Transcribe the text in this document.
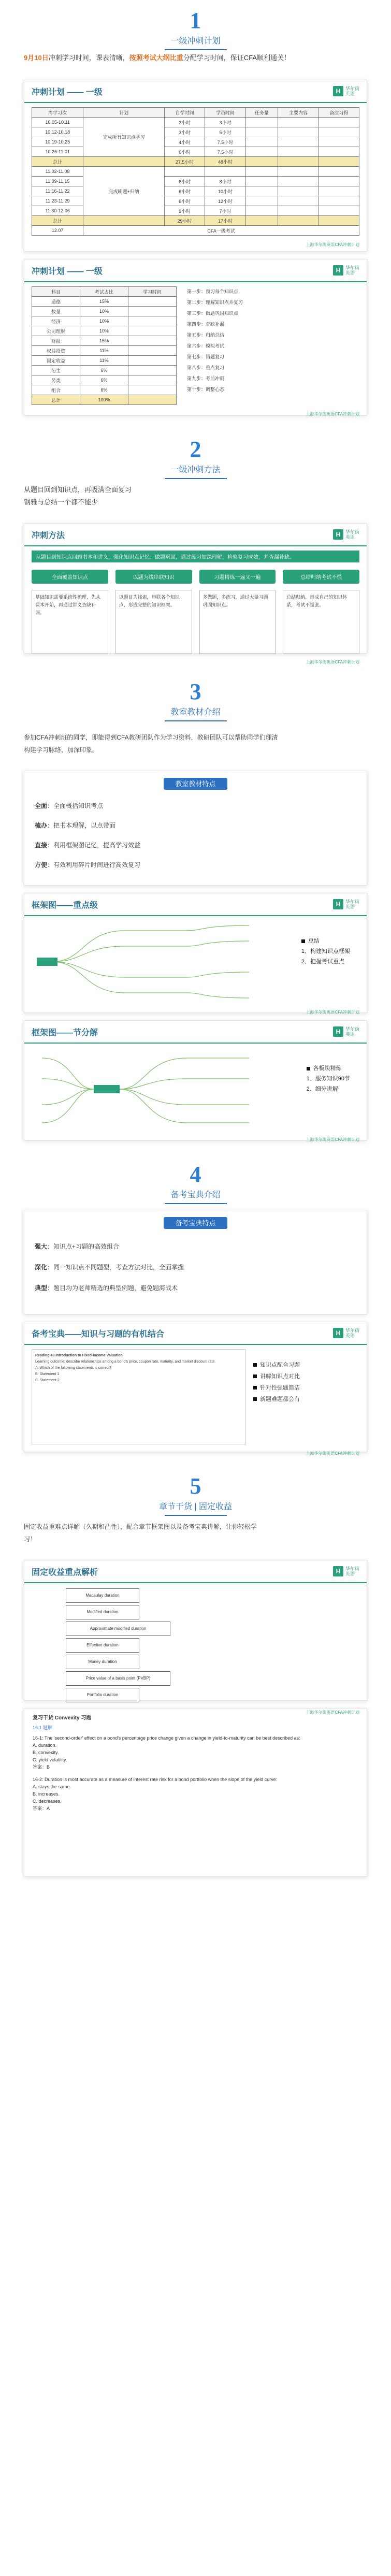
1
一级冲刺计划
9月10日冲刺学习时间，课表清晰，按照考试大纲比重分配学习时间，保证CFA顺利通关！
冲刺计划 —— 一级	H	华尔街
英语
周学习次	计划	自学时间	学员时间	任务量	主要内容	备注习得
10.05-10.11	完成所有知识点学习	2小时	3小时			
10.12-10.18		3小时	5小时			
10.19-10.25		4小时	7.5小时			
10.26-11.01		6小时	7.5小时			
总计		27.5小时	48小时			
11.02-11.08	完成刷题+归纳					
11.09-11.15		6小时	8小时			
11.16-11.22		6小时	10小时			
11.23-11.29		6小时	12小时			
11.30-12.06		9小时	7小时			
总计		29小时	17小时			
12.07	CFA一级考试					
上海华尔街英语CFA冲刺计划
冲刺计划 —— 一级	H	华尔街
英语
科目	考试占比	学习时间
道德	15%	
数量	10%	
经济	10%	
公司理财	10%	
财报	15%	
权益投资	11%	
固定收益	11%	
衍生	6%	
另类	6%	
组合	6%	
总计	100%	
第一步：预习每个知识点
第二步：理解知识点并复习
第三步：做题巩固知识点
第四步：查缺补漏
第五步：归纳总结
第六步：模拟考试
第七步：错题复习
第八步：重点复习
第九步：考前冲刺
第十步：调整心态
上海华尔街英语CFA冲刺计划
2
一级冲刺方法
从题目回到知识点，再吸满全面复习
钢雅与总结一个都不能少
冲刺方法	H	华尔街
英语
从题目到知识点回顾书本和讲义，强化知识点记忆；做题巩固，通过练习加深理解，检验复习成效，并查漏补缺。
全面覆盖知识点	以题为线串联知识	习题精练一遍又一遍	总结归纳考试不慌
基础知识需要系统性梳理，先从课本开始，再通过讲义查缺补漏。
以题目为线索，串联各个知识点，形成完整的知识框架。
多做题，多练习，通过大量习题巩固知识点。
总结归纳，形成自己的知识体系，考试不慌张。
上海华尔街英语CFA冲刺计划
3
教室教材介绍
参加CFA冲刺班的同学，即能得到CFA教研团队作为学习资料，教研团队可以帮助同学们理清
构建学习脉络，加深印象。
教室教材特点
全面：全面概括知识考点
梳办：把书本理解，以点带面
直接：利用框架图记忆，提高学习效益
方便：有效利用碎片时间进行高效复习
框架图——重点级	H	华尔街
英语
总结
1、构建知识点框架
2、把握考试重点
上海华尔街英语CFA冲刺计划
框架图——节分解	H	华尔街
英语
各板块精炼
1、服务知识90节
2、细分讲解
上海华尔街英语CFA冲刺计划
4
备考宝典介绍
备考宝典特点
强大：知识点+习题的高效组合
深化：同一知识点不同题型，考查方法对比，全面掌握
典型：题目均为老师精选的典型例题，避免题海战术
备考宝典——知识与习题的有机结合	H	华尔街
英语
Reading 43 Introduction to Fixed-Income Valuation
Learning outcome: describe relationships among a bond's price, coupon rate, maturity, and market discount rate.
A. Which of the following statements is correct?
B. Statement 1
C. Statement 2
知识点配合习题
讲解知识点对比
针对性强题简洁
新题难题都会有
上海华尔街英语CFA冲刺计划
5
章节干货 | 固定收益
固定收益重难点详解（久期和凸性），配合章节框架图以及备考宝典讲解，让你轻松学
习！
固定收益重点解析	H	华尔街
英语
Macaulay duration
Modified duration
Approximate modified duration
Effective duration
Money duration
Price value of a basis point (PVBP)
Portfolio duration
上海华尔街英语CFA冲刺计划
复习干货 Convexity 习题
16.1 题解
16-1: The 'second-order' effect on a bond's percentage price change given a change in yield-to-maturity can be best described as:
A. duration.
B. convexity.
C. yield volatility.
答案：B
16-2: Duration is most accurate as a measure of interest rate risk for a bond portfolio when the slope of the yield curve:
A. stays the same.
B. increases.
C. decreases.
答案：A
